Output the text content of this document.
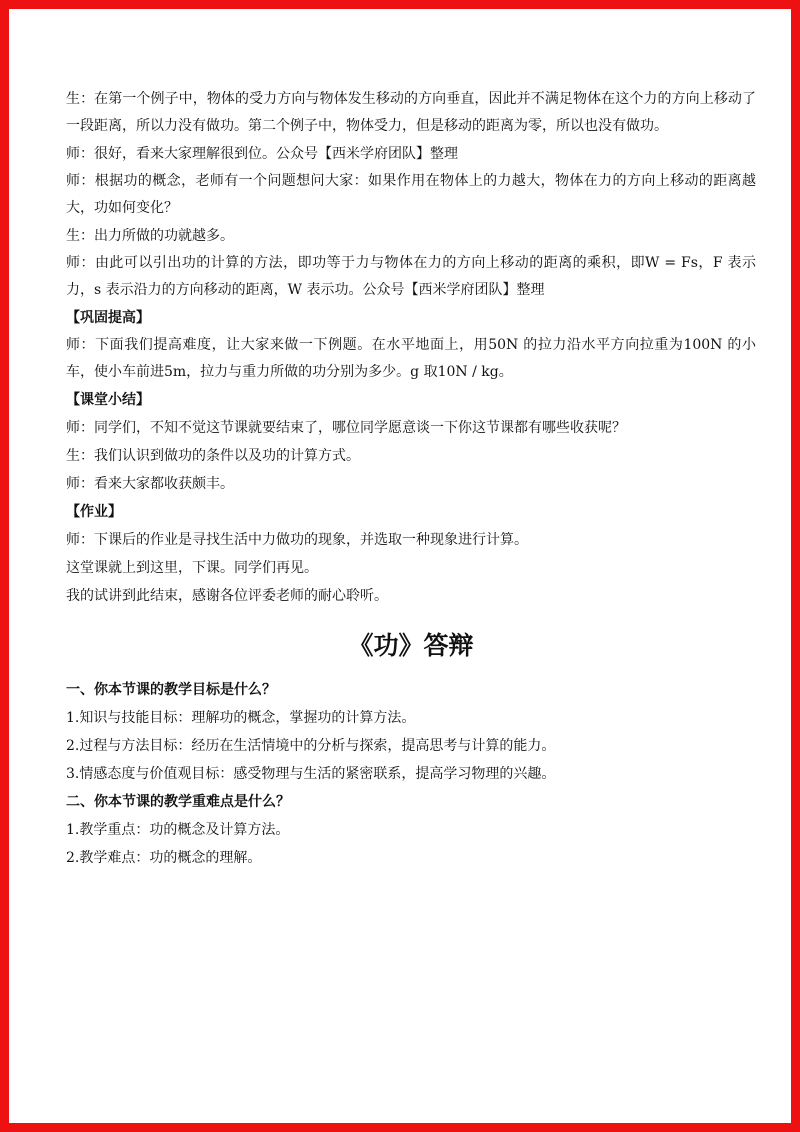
生：在第一个例子中，物体的受力方向与物体发生移动的方向垂直，因此并不满足物体在这个力的方向上移动了一段距离，所以力没有做功。第二个例子中，物体受力，但是移动的距离为零，所以也没有做功。

师：很好，看来大家理解很到位。公众号【西米学府团队】整理

师：根据功的概念，老师有一个问题想问大家：如果作用在物体上的力越大，物体在力的方向上移动的距离越大，功如何变化？

生：出力所做的功就越多。

师：由此可以引出功的计算的方法，即功等于力与物体在力的方向上移动的距离的乘积，即W = Fs，F 表示力，s 表示沿力的方向移动的距离，W 表示功。公众号【西米学府团队】整理

【巩固提高】

师：下面我们提高难度，让大家来做一下例题。在水平地面上，用50N 的拉力沿水平方向拉重为100N 的小车，使小车前进5m，拉力与重力所做的功分别为多少。g 取10N / kg。

【课堂小结】

师：同学们，不知不觉这节课就要结束了，哪位同学愿意谈一下你这节课都有哪些收获呢？

生：我们认识到做功的条件以及功的计算方式。

师：看来大家都收获颇丰。

【作业】

师：下课后的作业是寻找生活中力做功的现象，并选取一种现象进行计算。

这堂课就上到这里，下课。同学们再见。

我的试讲到此结束，感谢各位评委老师的耐心聆听。

《功》答辩

一、你本节课的教学目标是什么？

1.知识与技能目标：理解功的概念，掌握功的计算方法。

2.过程与方法目标：经历在生活情境中的分析与探索，提高思考与计算的能力。

3.情感态度与价值观目标：感受物理与生活的紧密联系，提高学习物理的兴趣。

二、你本节课的教学重难点是什么？

1.教学重点：功的概念及计算方法。

2.教学难点：功的概念的理解。
